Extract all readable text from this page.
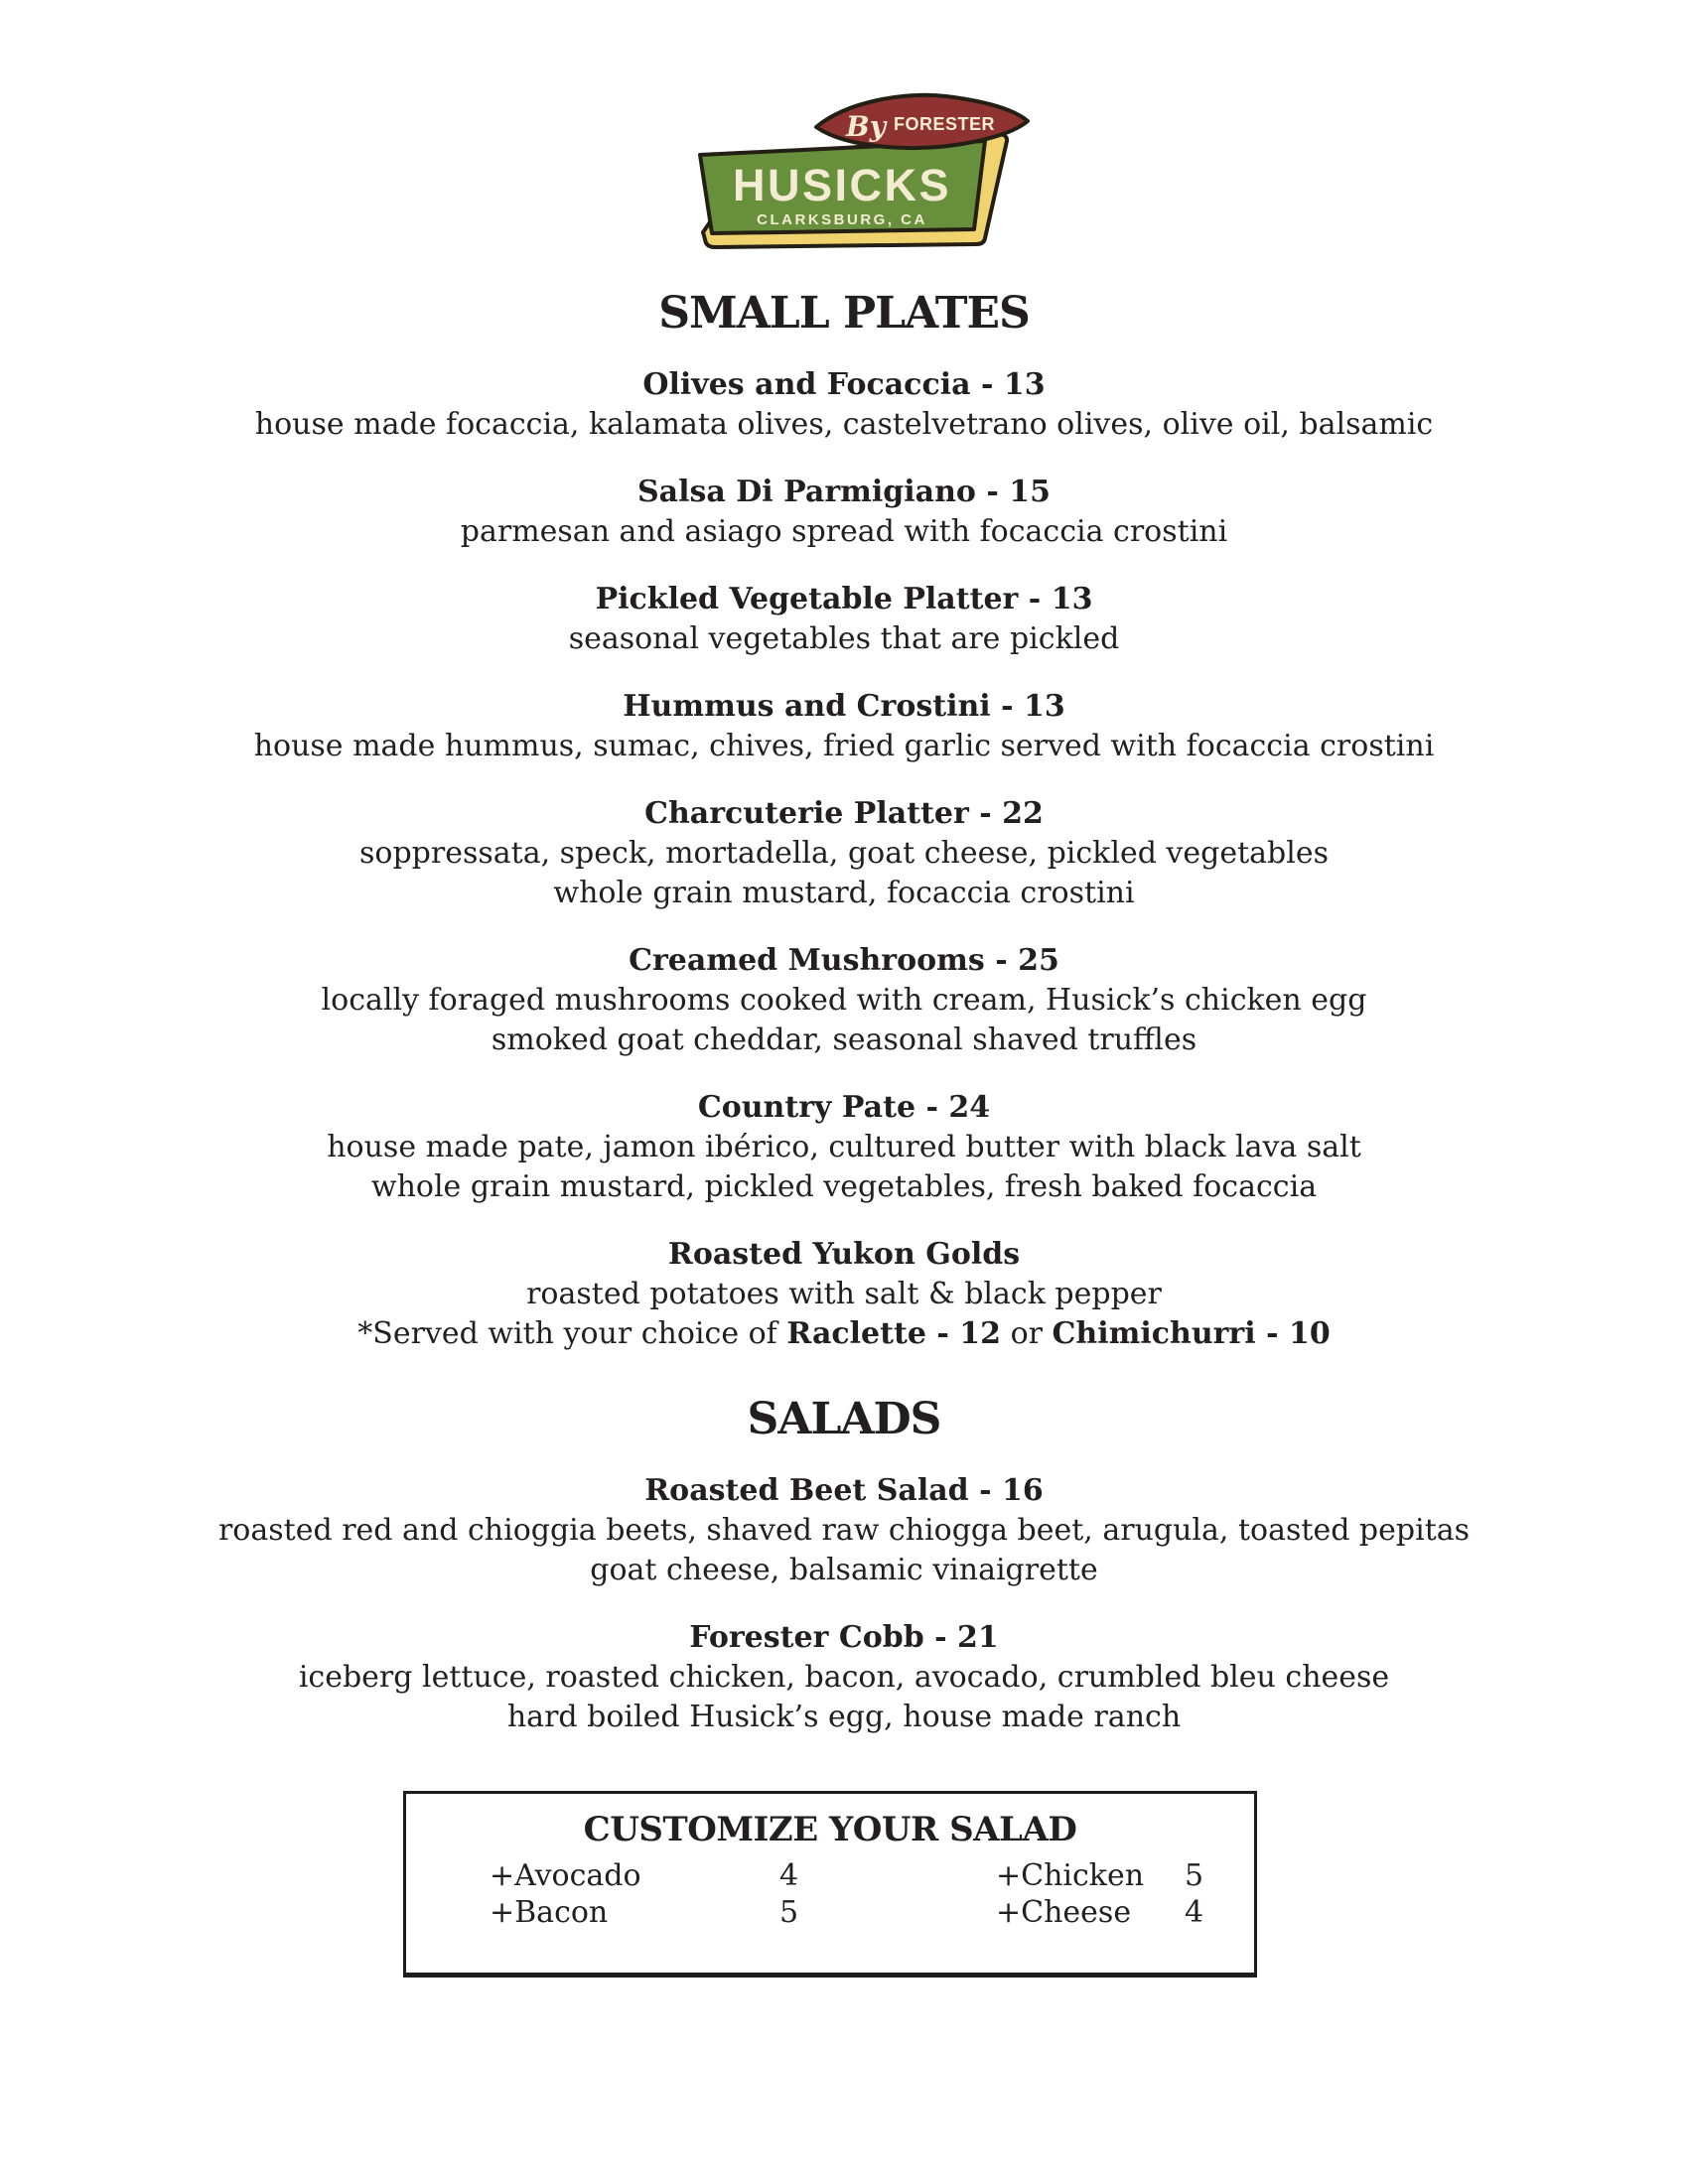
By FORESTER
HUSICKS
CLARKSBURG, CA
SMALL PLATES
Olives and Focaccia - 13
house made focaccia, kalamata olives, castelvetrano olives, olive oil, balsamic
Salsa Di Parmigiano - 15
parmesan and asiago spread with focaccia crostini
Pickled Vegetable Platter - 13
seasonal vegetables that are pickled
Hummus and Crostini - 13
house made hummus, sumac, chives, fried garlic served with focaccia crostini
Charcuterie Platter - 22
soppressata, speck, mortadella, goat cheese, pickled vegetables
whole grain mustard, focaccia crostini
Creamed Mushrooms - 25
locally foraged mushrooms cooked with cream, Husick’s chicken egg
smoked goat cheddar, seasonal shaved truffles
Country Pate - 24
house made pate, jamon ibérico, cultured butter with black lava salt
whole grain mustard, pickled vegetables, fresh baked focaccia
Roasted Yukon Golds
roasted potatoes with salt & black pepper
*Served with your choice of Raclette - 12 or Chimichurri - 10
SALADS
Roasted Beet Salad - 16
roasted red and chioggia beets, shaved raw chiogga beet, arugula, toasted pepitas
goat cheese, balsamic vinaigrette
Forester Cobb - 21
iceberg lettuce, roasted chicken, bacon, avocado, crumbled bleu cheese
hard boiled Husick’s egg, house made ranch
CUSTOMIZE YOUR SALAD
+Avocado	4	+Chicken	5
+Bacon	5	+Cheese	4
